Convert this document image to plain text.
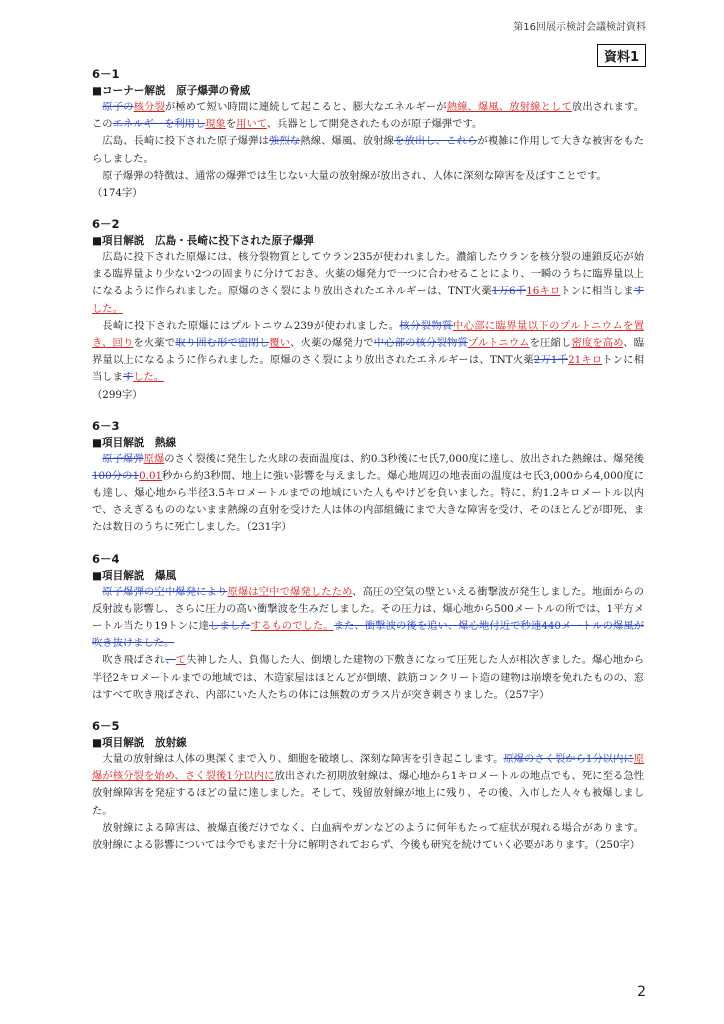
第16回展示検討会議検討資料
資料1
6－1
■コーナー解説　原子爆弾の脅威

原子の核分裂が極めて短い時間に連続して起こると、膨大なエネルギーが熱線、爆風、放射線として放出されます。このエネルギーを利用し現象を用いて、兵器として開発されたものが原子爆弾です。

広島、長崎に投下された原子爆弾は強烈な熱線、爆風、放射線を放出し、これらが複雑に作用して大きな被害をもたらしました。

原子爆弾の特徴は、通常の爆弾では生じない大量の放射線が放出され、人体に深刻な障害を及ぼすことです。

（174字）
6－2
■項目解説　広島・長崎に投下された原子爆弾

広島に投下された原爆には、核分裂物質としてウラン235が使われました。濃縮したウランを核分裂の連鎖反応が始まる臨界量より少ない2つの固まりに分けておき、火薬の爆発力で一つに合わせることにより、一瞬のうちに臨界量以上になるように作られました。原爆のさく裂により放出されたエネルギーは、TNT火薬1万6千16キロトンに相当しますした。

長崎に投下された原爆にはプルトニウム239が使われました。核分裂物質中心部に臨界量以下のプルトニウムを置き、回りを火薬で取り囲む形で密閉し覆い、火薬の爆発力で中心部の核分裂物質プルトニウムを圧縮し密度を高め、臨界量以上になるように作られました。原爆のさく裂により放出されたエネルギーは、TNT火薬2万1千21キロトンに相当しますした。

（299字）
6－3
■項目解説　熱線

原子爆弾原爆のさく裂後に発生した火球の表面温度は、約0.3秒後にセ氏7,000度に達し、放出された熱線は、爆発後100分の10.01秒から約3秒間、地上に強い影響を与えました。爆心地周辺の地表面の温度はセ氏3,000から4,000度にも達し、爆心地から半径3.5キロメートルまでの地域にいた人もやけどを負いました。特に、約1.2キロメートル以内で、さえぎるもののないまま熱線の直射を受けた人は体の内部組織にまで大きな障害を受け、そのほとんどが即死、または数日のうちに死亡しました。（231字）

6－4
■項目解説　爆風

原子爆弾の空中爆発により原爆は空中で爆発したため、高圧の空気の壁といえる衝撃波が発生しました。地面からの反射波も影響し、さらに圧力の高い衝撃波を生みだしました。その圧力は、爆心地から500メートルの所では、1平方メートル当たり19トンに達しましたするものでした。また、衝撃波の後を追い、爆心地付近で秒速440メートルの爆風が吹き抜けました。

吹き飛ばされ、て失神した人、負傷した人、倒壊した建物の下敷きになって圧死した人が相次ぎました。爆心地から半径2キロメートルまでの地域では、木造家屋はほとんどが倒壊、鉄筋コンクリート造の建物は崩壊を免れたものの、窓はすべて吹き飛ばされ、内部にいた人たちの体には無数のガラス片が突き刺さりました。（257字）

6－5
■項目解説　放射線

大量の放射線は人体の奥深くまで入り、細胞を破壊し、深刻な障害を引き起こします。原爆のさく裂から1分以内に原爆が核分裂を始め、さく裂後1分以内に放出された初期放射線は、爆心地から1キロメートルの地点でも、死に至る急性放射線障害を発症するほどの量に達しました。そして、残留放射線が地上に残り、その後、入市した人々も被爆しました。

放射線による障害は、被爆直後だけでなく、白血病やガンなどのように何年もたって症状が現れる場合があります。放射線による影響については今でもまだ十分に解明されておらず、今後も研究を続けていく必要があります。（250字）

2
